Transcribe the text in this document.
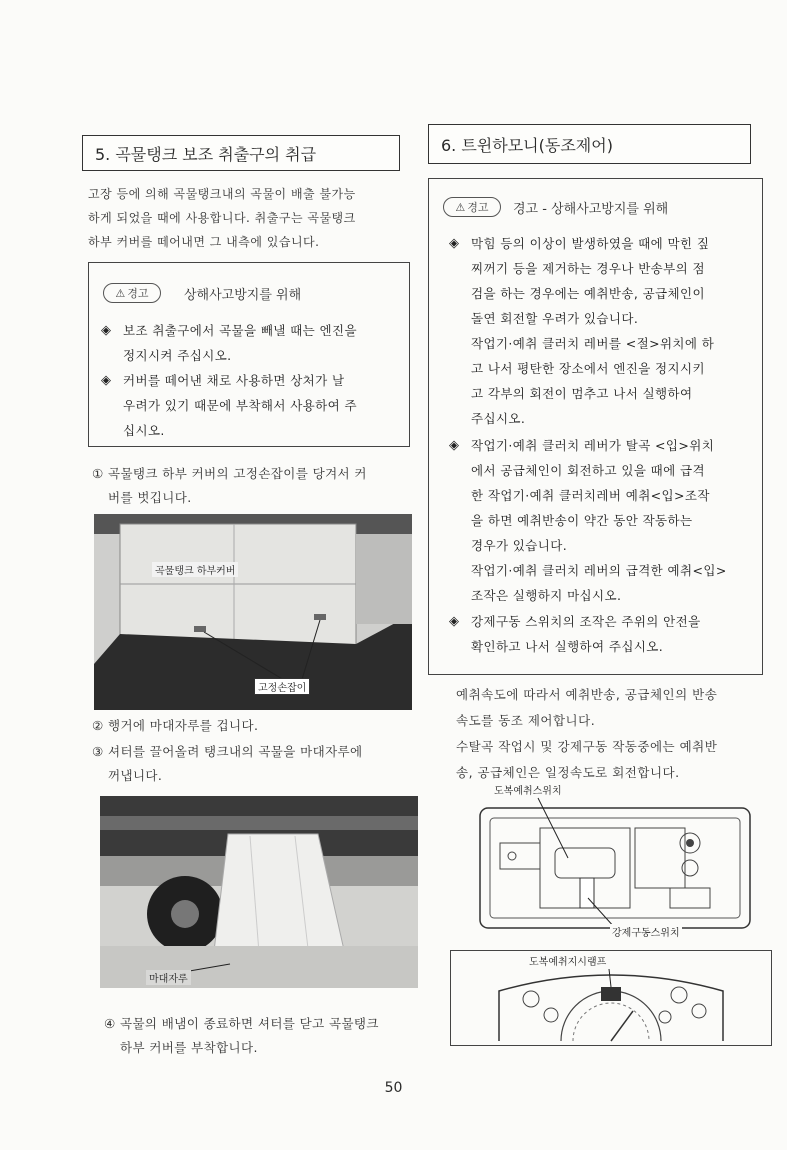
5. 곡물탱크 보조 취출구의 취급
고장 등에 의해 곡물탱크내의 곡물이 배출 불가능
하게 되었을 때에 사용합니다. 취출구는 곡물탱크
하부 커버를 떼어내면 그 내측에 있습니다.
⚠ 경고	상해사고방지를 위해
◈ 보조 취출구에서 곡물을 빼낼 때는 엔진을
정지시켜 주십시오.
◈ 커버를 떼어낸 채로 사용하면 상처가 날
우려가 있기 때문에 부착해서 사용하여 주
십시오.
① 곡물탱크 하부 커버의 고정손잡이를 당겨서 커
버를 벗깁니다.
곡물탱크 하부커버
고정손잡이
② 행거에 마대자루를 겁니다.
③ 셔터를 끌어올려 탱크내의 곡물을 마대자루에
꺼냅니다.
마대자루
④ 곡물의 배냄이 종료하면 셔터를 닫고 곡물탱크
하부 커버를 부착합니다.
6. 트윈하모니(동조제어)
⚠ 경고 경고 - 상해사고방지를 위해
◈ 막힘 등의 이상이 발생하였을 때에 막힌 짚
찌꺼기 등을 제거하는 경우나 반송부의 점
검을 하는 경우에는 예취반송, 공급체인이
돌연 회전할 우려가 있습니다.
작업기·예취 클러치 레버를 <절>위치에 하
고 나서 평탄한 장소에서 엔진을 정지시키
고 각부의 회전이 멈추고 나서 실행하여
주십시오.
◈ 작업기·예취 클러치 레버가 탈곡 <입>위치
에서 공급체인이 회전하고 있을 때에 급격
한 작업기·예취 클러치레버 예취<입>조작
을 하면 예취반송이 약간 동안 작동하는
경우가 있습니다.
작업기·예취 클러치 레버의 급격한 예취<입>
조작은 실행하지 마십시오.
◈ 강제구동 스위치의 조작은 주위의 안전을
확인하고 나서 실행하여 주십시오.
예취속도에 따라서 예취반송, 공급체인의 반송
속도를 동조 제어합니다.
수탈곡 작업시 및 강제구동 작동중에는 예취반
송, 공급체인은 일정속도로 회전합니다.
도복예취스위치
강제구동스위치
도복예취지시램프
50
